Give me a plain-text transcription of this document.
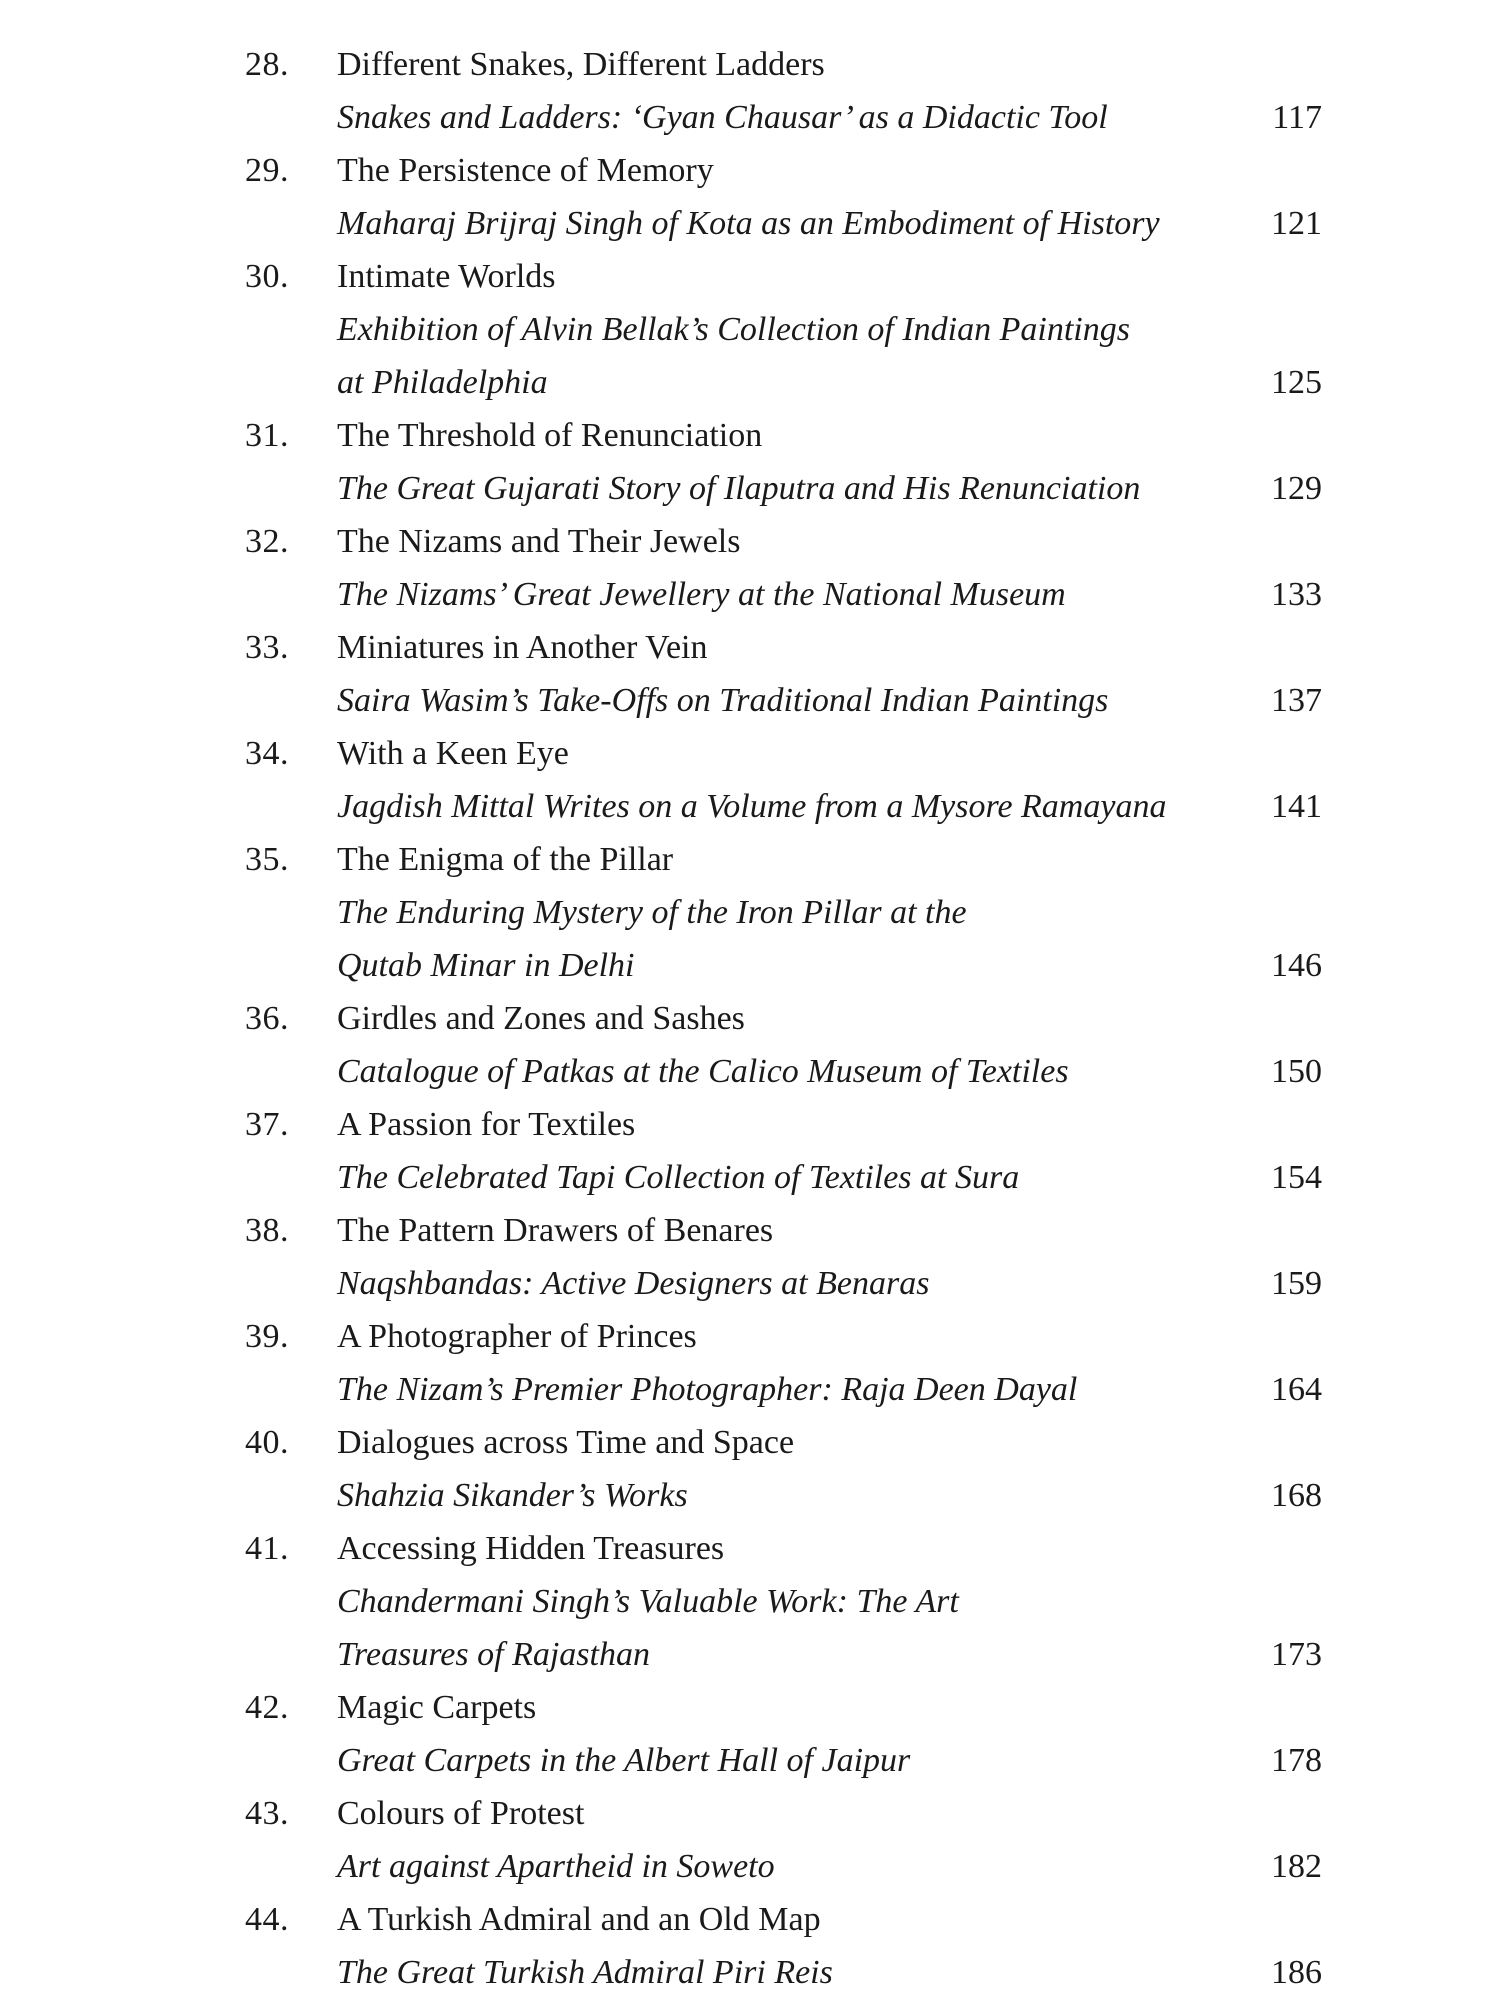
28.	Different Snakes, Different Ladders
Snakes and Ladders: ‘Gyan Chausar’ as a Didactic Tool	117
29.	The Persistence of Memory
Maharaj Brijraj Singh of Kota as an Embodiment of History	121
30.	Intimate Worlds
Exhibition of Alvin Bellak’s Collection of Indian Paintings
at Philadelphia	125
31.	The Threshold of Renunciation
The Great Gujarati Story of Ilaputra and His Renunciation	129
32.	The Nizams and Their Jewels
The Nizams’ Great Jewellery at the National Museum	133
33.	Miniatures in Another Vein
Saira Wasim’s Take-Offs on Traditional Indian Paintings	137
34.	With a Keen Eye
Jagdish Mittal Writes on a Volume from a Mysore Ramayana	141
35.	The Enigma of the Pillar
The Enduring Mystery of the Iron Pillar at the
Qutab Minar in Delhi	146
36.	Girdles and Zones and Sashes
Catalogue of Patkas at the Calico Museum of Textiles	150
37.	A Passion for Textiles
The Celebrated Tapi Collection of Textiles at Sura	154
38.	The Pattern Drawers of Benares
Naqshbandas: Active Designers at Benaras	159
39.	A Photographer of Princes
The Nizam’s Premier Photographer: Raja Deen Dayal	164
40.	Dialogues across Time and Space
Shahzia Sikander’s Works	168
41.	Accessing Hidden Treasures
Chandermani Singh’s Valuable Work: The Art
Treasures of Rajasthan	173
42.	Magic Carpets
Great Carpets in the Albert Hall of Jaipur	178
43.	Colours of Protest
Art against Apartheid in Soweto	182
44.	A Turkish Admiral and an Old Map
The Great Turkish Admiral Piri Reis	186
